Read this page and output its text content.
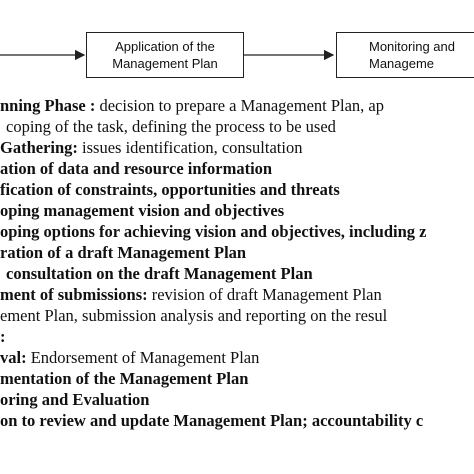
Application of the
Management Plan
Monitoring and
Manageme
nning Phase : decision to prepare a Management Plan, ap
coping of the task, defining the process to be used
Gathering: issues identification, consultation
ation of data and resource information
fication of constraints, opportunities and threats
oping management vision and objectives
oping options for achieving vision and objectives, including z
ration of a draft Management Plan
consultation on the draft Management Plan
ment of submissions: revision of draft Management Plan
ement Plan, submission analysis and reporting on the resul
:
val: Endorsement of Management Plan
mentation of the Management Plan
oring and Evaluation
on to review and update Management Plan; accountability c
